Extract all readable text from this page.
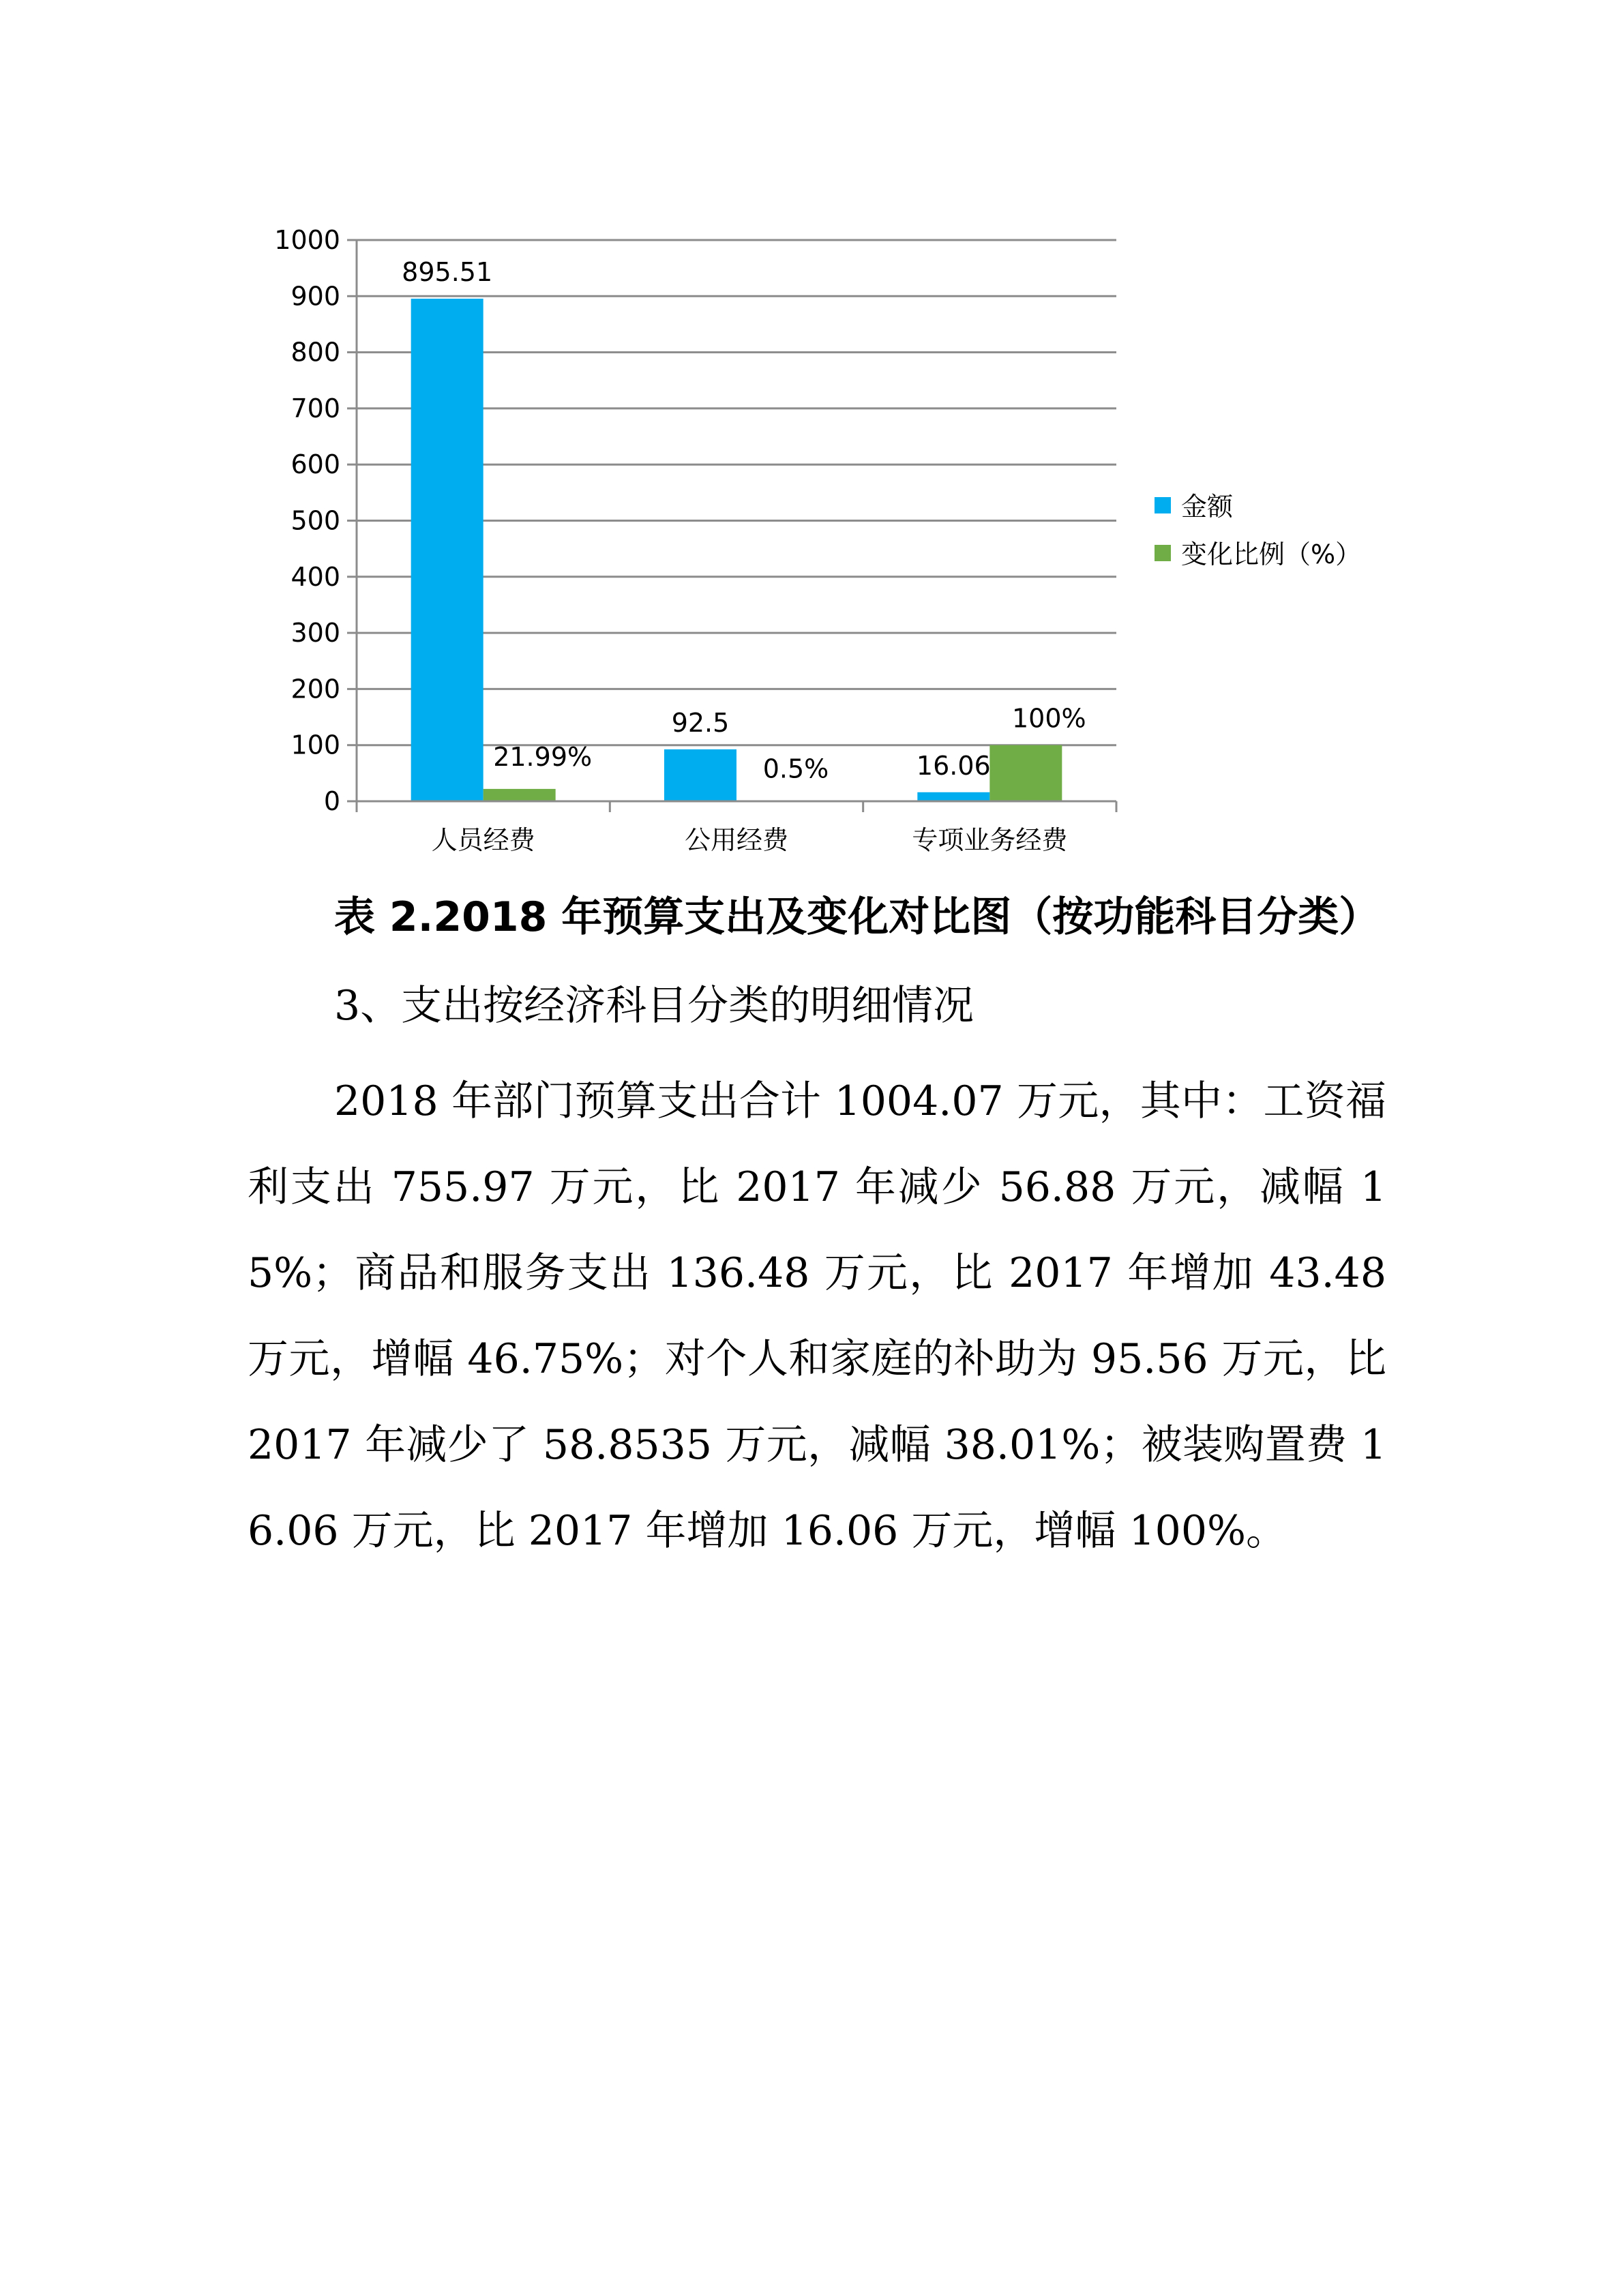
0
100
200
300
400
500
600
700
800
900
1000
895.51
21.99%
人员经费
92.5
0.5%
公用经费
16.06
100%
专项业务经费
金额
变化比例（%）

表 2.2018 年预算支出及变化对比图（按功能科目分类）

3、支出按经济科目分类的明细情况

2018 年部门预算支出合计 1004.07 万元，其中：工资福利支出 755.97 万元，比 2017 年减少 56.88 万元，减幅 15%；商品和服务支出 136.48 万元，比 2017 年增加 43.48 万元，增幅 46.75%；对个人和家庭的补助为 95.56 万元，比 2017 年减少了 58.8535 万元，减幅 38.01%；被装购置费 16.06 万元，比 2017 年增加 16.06 万元，增幅 100%。
